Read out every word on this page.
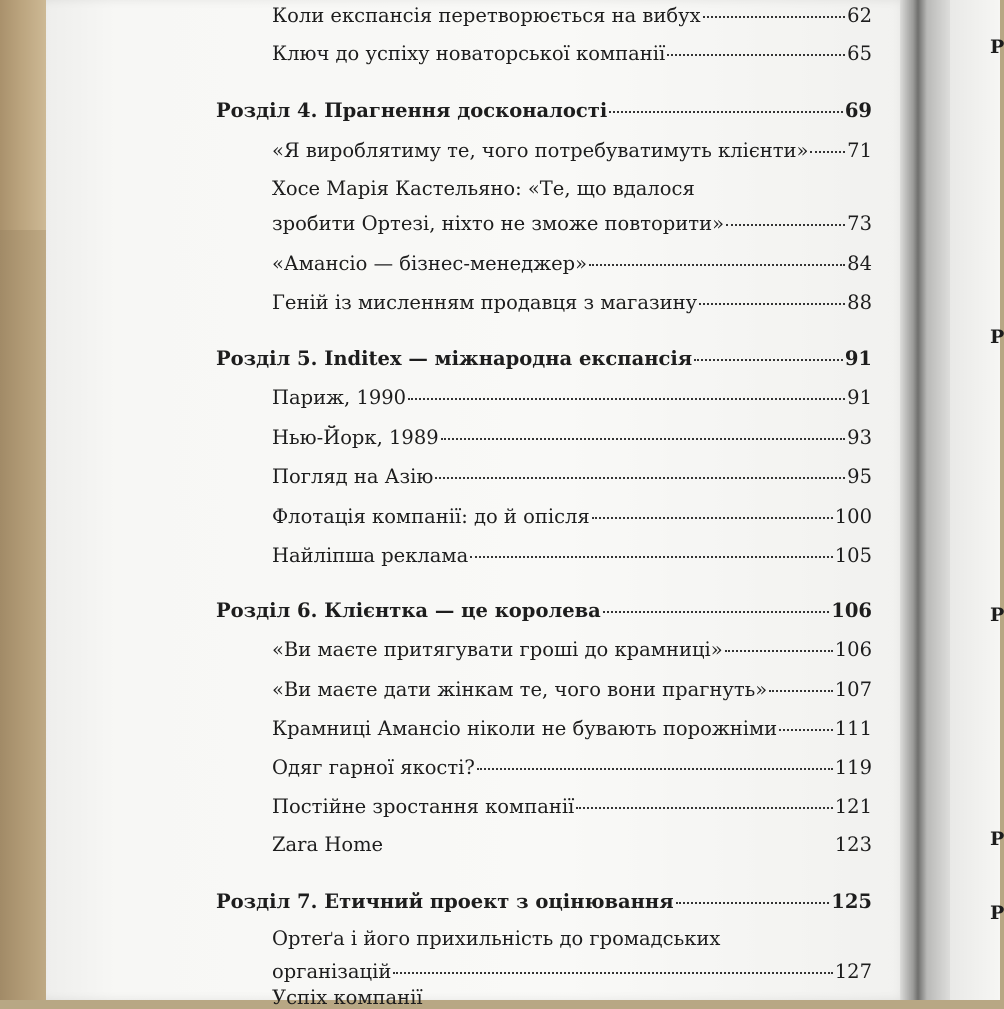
Р
Р
Р
Р
Р
Коли експансія перетворюється на вибух	62
Ключ до успіху новаторської компанії	65
Розділ 4. Прагнення досконалості	69
«Я вироблятиму те, чого потребуватимуть клієнти» 71
Хосе Марія Кастельяно: «Те, що вдалося
зробити Ортезі, ніхто не зможе повторити»	73
«Амансіо — бізнес-менеджер»	84
Геній із мисленням продавця з магазину	88
Розділ 5. Inditex — міжнародна експансія	91
Париж, 1990	91
Нью-Йорк, 1989	93
Погляд на Азію	95
Флотація компанії: до й опісля	100
Найліпша реклама	105
Розділ 6. Клієнтка — це королева	106
«Ви маєте притягувати гроші до крамниці»	106
«Ви маєте дати жінкам те, чого вони прагнуть»	107
Крамниці Амансіо ніколи не бувають порожніми	111
Одяг гарної якості?	119
Постійне зростання компанії	121
Zara Home	123
Розділ 7. Етичний проект з оцінювання	125
Ортеґа і його прихильність до громадських
організацій	127
Успіх компанії
